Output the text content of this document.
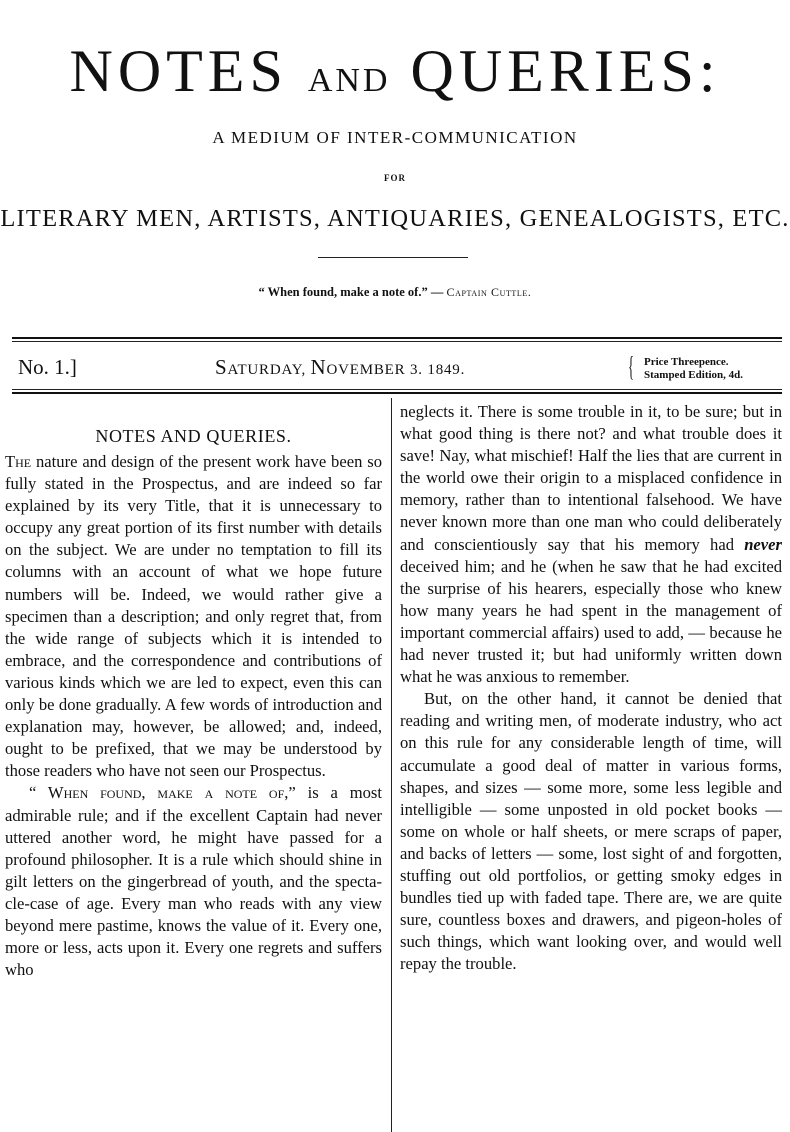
NOTES AND QUERIES:
A MEDIUM OF INTER-COMMUNICATION
FOR
LITERARY MEN, ARTISTS, ANTIQUARIES, GENEALOGISTS, ETC.
“ When found, make a note of.” — Captain Cuttle.
No. 1.]	SATURDAY, NOVEMBER 3. 1849.	{ Price Threepence.
Stamped Edition, 4d.
NOTES AND QUERIES.

The nature and design of the present work have been so fully stated in the Prospectus, and are indeed so far explained by its very Title, that it is unnecessary to occupy any great portion of its first number with details on the subject. We are under no temptation to fill its columns with an account of what we hope future numbers will be. Indeed, we would rather give a specimen than a description; and only regret that, from the wide range of subjects which it is intended to embrace, and the correspondence and contributions of various kinds which we are led to expect, even this can only be done gradually. A few words of introduction and explanation may, however, be allowed; and, indeed, ought to be prefixed, that we may be understood by those readers who have not seen our Prospectus.

“ When found, make a note of,” is a most admirable rule; and if the excellent Captain had never uttered another word, he might have passed for a profound philosopher. It is a rule which should shine in gilt letters on the gingerbread of youth, and the spectacle-case of age. Every man who reads with any view beyond mere pastime, knows the value of it. Every one, more or less, acts upon it. Every one regrets and suffers who

neglects it. There is some trouble in it, to be sure; but in what good thing is there not? and what trouble does it save! Nay, what mischief! Half the lies that are current in the world owe their origin to a misplaced confidence in memory, rather than to intentional falsehood. We have never known more than one man who could deliberately and conscientiously say that his memory had never deceived him; and he (when he saw that he had excited the surprise of his hearers, especially those who knew how many years he had spent in the management of important commercial affairs) used to add, — because he had never trusted it; but had uniformly written down what he was anxious to remember.

But, on the other hand, it cannot be denied that reading and writing men, of moderate industry, who act on this rule for any considerable length of time, will accumulate a good deal of matter in various forms, shapes, and sizes — some more, some less legible and intelligible — some unposted in old pocket books — some on whole or half sheets, or mere scraps of paper, and backs of letters — some, lost sight of and forgotten, stuffing out old portfolios, or getting smoky edges in bundles tied up with faded tape. There are, we are quite sure, countless boxes and drawers, and pigeon-holes of such things, which want looking over, and would well repay the trouble.
